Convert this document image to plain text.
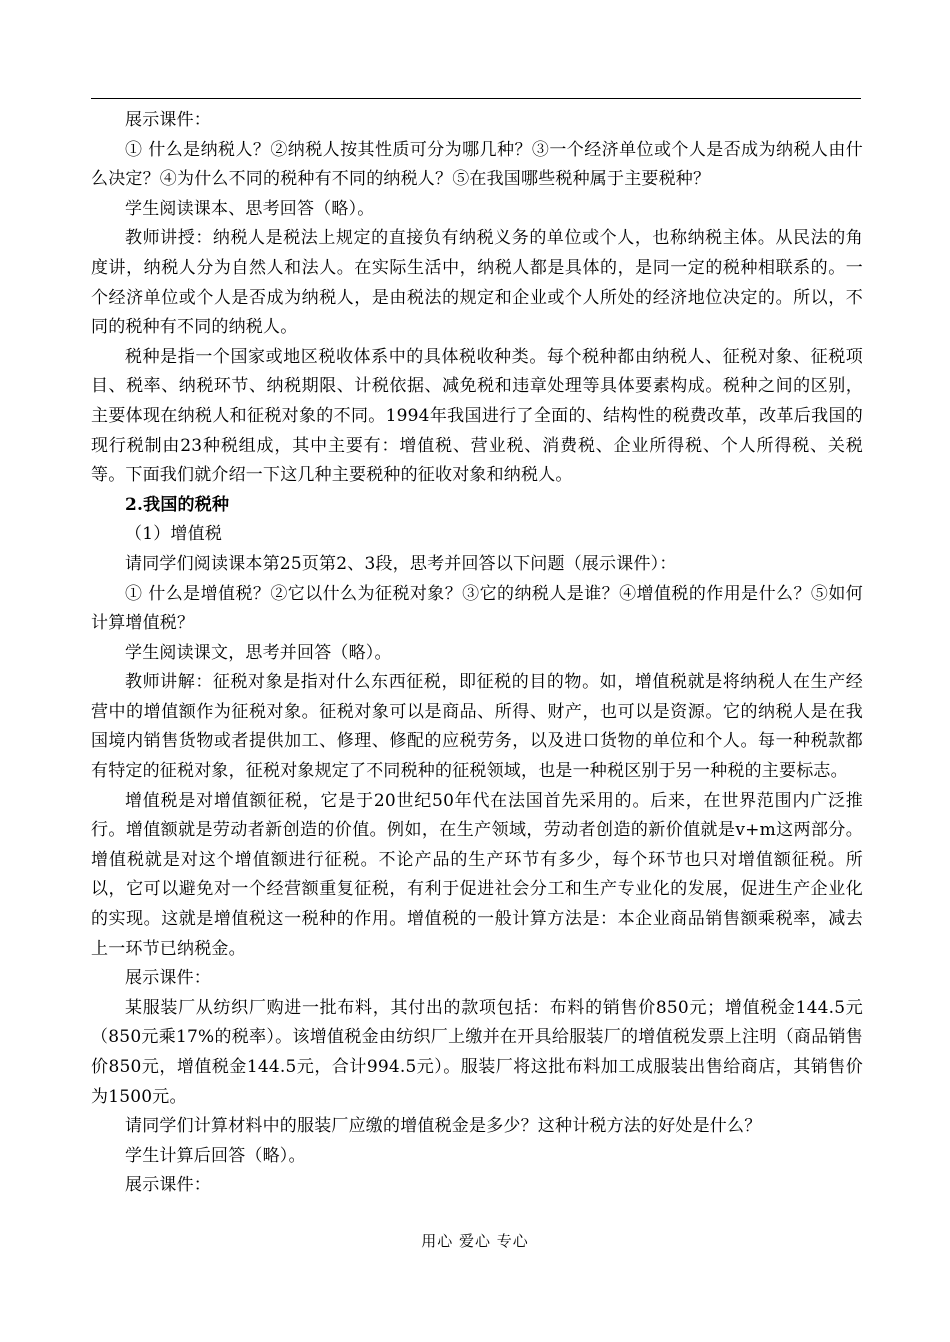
展示课件：

① 什么是纳税人？②纳税人按其性质可分为哪几种？③一个经济单位或个人是否成为纳税人由什么决定？④为什么不同的税种有不同的纳税人？⑤在我国哪些税种属于主要税种？

学生阅读课本、思考回答（略）。

教师讲授：纳税人是税法上规定的直接负有纳税义务的单位或个人，也称纳税主体。从民法的角度讲，纳税人分为自然人和法人。在实际生活中，纳税人都是具体的，是同一定的税种相联系的。一个经济单位或个人是否成为纳税人，是由税法的规定和企业或个人所处的经济地位决定的。所以，不同的税种有不同的纳税人。

税种是指一个国家或地区税收体系中的具体税收种类。每个税种都由纳税人、征税对象、征税项目、税率、纳税环节、纳税期限、计税依据、减免税和违章处理等具体要素构成。税种之间的区别，主要体现在纳税人和征税对象的不同。1994年我国进行了全面的、结构性的税费改革，改革后我国的现行税制由23种税组成，其中主要有：增值税、营业税、消费税、企业所得税、个人所得税、关税等。下面我们就介绍一下这几种主要税种的征收对象和纳税人。

2.我国的税种

（1）增值税

请同学们阅读课本第25页第2、3段，思考并回答以下问题（展示课件）：

① 什么是增值税？②它以什么为征税对象？③它的纳税人是谁？④增值税的作用是什么？⑤如何计算增值税？

学生阅读课文，思考并回答（略）。

教师讲解：征税对象是指对什么东西征税，即征税的目的物。如，增值税就是将纳税人在生产经营中的增值额作为征税对象。征税对象可以是商品、所得、财产，也可以是资源。它的纳税人是在我国境内销售货物或者提供加工、修理、修配的应税劳务，以及进口货物的单位和个人。每一种税款都有特定的征税对象，征税对象规定了不同税种的征税领域，也是一种税区别于另一种税的主要标志。

增值税是对增值额征税，它是于20世纪50年代在法国首先采用的。后来，在世界范围内广泛推行。增值额就是劳动者新创造的价值。例如，在生产领域，劳动者创造的新价值就是v+m这两部分。增值税就是对这个增值额进行征税。不论产品的生产环节有多少，每个环节也只对增值额征税。所以，它可以避免对一个经营额重复征税，有利于促进社会分工和生产专业化的发展，促进生产企业化的实现。这就是增值税这一税种的作用。增值税的一般计算方法是：本企业商品销售额乘税率，减去上一环节已纳税金。

展示课件：

某服装厂从纺织厂购进一批布料，其付出的款项包括：布料的销售价850元；增值税金144.5元（850元乘17%的税率）。该增值税金由纺织厂上缴并在开具给服装厂的增值税发票上注明（商品销售价850元，增值税金144.5元，合计994.5元）。服装厂将这批布料加工成服装出售给商店，其销售价为1500元。

请同学们计算材料中的服装厂应缴的增值税金是多少？这种计税方法的好处是什么？

学生计算后回答（略）。

展示课件：

用心 爱心 专心
